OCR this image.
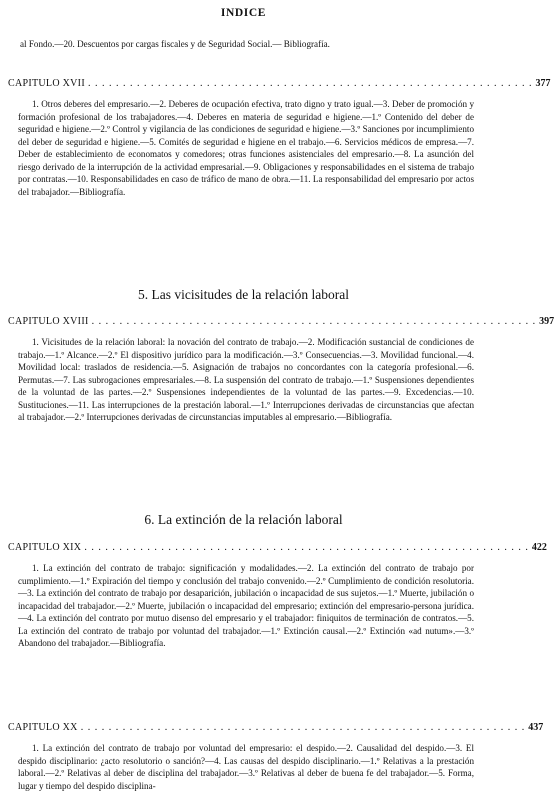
INDICE

al Fondo.—20. Descuentos por cargas fiscales y de Seguridad Social.— Bibliografía.

CAPITULO XVII . . . . . . . . . . . . . . . . . . . . . . . . . . . . . . . . . . . . . . . . . . . . . . . . . . . . . . . . . . . . . . . . 377

1. Otros deberes del empresario.—2. Deberes de ocupación efectiva, trato digno y trato igual.—3. Deber de promoción y formación profesional de los trabajadores.—4. Deberes en materia de seguridad e higiene.—1.º Contenido del deber de seguridad e higiene.—2.º Control y vigilancia de las condiciones de seguridad e higiene.—3.º Sanciones por incumplimiento del deber de seguridad e higiene.—5. Comités de seguridad e higiene en el trabajo.—6. Servicios médicos de empresa.—7. Deber de establecimiento de economatos y comedores; otras funciones asistenciales del empresario.—8. La asunción del riesgo derivado de la interrupción de la actividad empresarial.—9. Obligaciones y responsabilidades en el sistema de trabajo por contratas.—10. Responsabilidades en caso de tráfico de mano de obra.—11. La responsabilidad del empresario por actos del trabajador.—Bibliografía.

5. Las vicisitudes de la relación laboral
CAPITULO XVIII . . . . . . . . . . . . . . . . . . . . . . . . . . . . . . . . . . . . . . . . . . . . . . . . . . . . . . . . . . . . . . . . 397

1. Vicisitudes de la relación laboral: la novación del contrato de trabajo.—2. Modificación sustancial de condiciones de trabajo.—1.º Alcance.—2.º El dispositivo jurídico para la modificación.—3.º Consecuencias.—3. Movilidad funcional.—4. Movilidad local: traslados de residencia.—5. Asignación de trabajos no concordantes con la categoría profesional.—6. Permutas.—7. Las subrogaciones empresariales.—8. La suspensión del contrato de trabajo.—1.º Suspensiones dependientes de la voluntad de las partes.—2.º Suspensiones independientes de la voluntad de las partes.—9. Excedencias.—10. Sustituciones.—11. Las interrupciones de la prestación laboral.—1.º Interrupciones derivadas de circunstancias que afectan al trabajador.—2.º Interrupciones derivadas de circunstancias imputables al empresario.—Bibliografía.

6. La extinción de la relación laboral
CAPITULO XIX . . . . . . . . . . . . . . . . . . . . . . . . . . . . . . . . . . . . . . . . . . . . . . . . . . . . . . . . . . . . . . . . 422

1. La extinción del contrato de trabajo: significación y modalidades.—2. La extinción del contrato de trabajo por cumplimiento.—1.º Expiración del tiempo y conclusión del trabajo convenido.—2.º Cumplimiento de condición resolutoria.—3. La extinción del contrato de trabajo por desaparición, jubilación o incapacidad de sus sujetos.—1.º Muerte, jubilación o incapacidad del trabajador.—2.º Muerte, jubilación o incapacidad del empresario; extinción del empresario-persona jurídica.—4. La extinción del contrato por mutuo disenso del empresario y el trabajador: finiquitos de terminación de contratos.—5. La extinción del contrato de trabajo por voluntad del trabajador.—1.º Extinción causal.—2.º Extinción «ad nutum».—3.º Abandono del trabajador.—Bibliografía.

CAPITULO XX . . . . . . . . . . . . . . . . . . . . . . . . . . . . . . . . . . . . . . . . . . . . . . . . . . . . . . . . . . . . . . . . 437

1. La extinción del contrato de trabajo por voluntad del empresario: el despido.—2. Causalidad del despido.—3. El despido disciplinario: ¿acto resolutorio o sanción?—4. Las causas del despido disciplinario.—1.º Relativas a la prestación laboral.—2.º Relativas al deber de disciplina del trabajador.—3.º Relativas al deber de buena fe del trabajador.—5. Forma, lugar y tiempo del despido disciplina-
